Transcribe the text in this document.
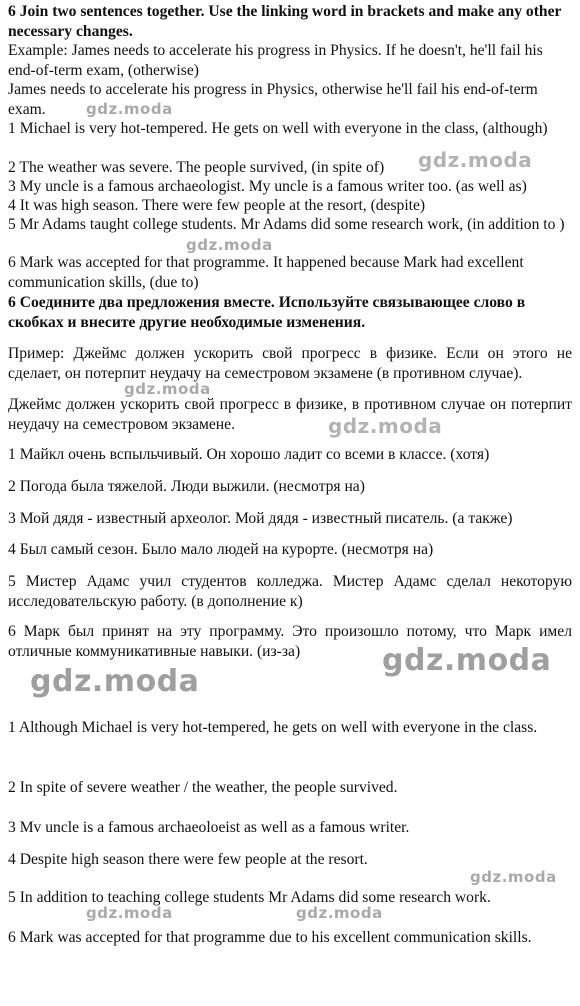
6 Join two sentences together. Use the linking word in brackets and make any other necessary changes.

Example: James needs to accelerate his progress in Physics. If he doesn't, he'll fail his end-of-term exam, (otherwise)

James needs to accelerate his progress in Physics, otherwise he'll fail his end-of-term exam.

1 Michael is very hot-tempered. He gets on well with everyone in the class, (although)

2 The weather was severe. The people survived, (in spite of)

3 My uncle is a famous archaeologist. My uncle is a famous writer too. (as well as)

4 It was high season. There were few people at the resort, (despite)

5 Mr Adams taught college students. Mr Adams did some research work, (in addition to )

6 Mark was accepted for that programme. It happened because Mark had excellent communication skills, (due to)

6 Соедините два предложения вместе. Используйте связывающее слово в скобках и внесите другие необходимые изменения.

Пример: Джеймс должен ускорить свой прогресс в физике. Если он этого не сделает, он потерпит неудачу на семестровом экзамене (в противном случае).

Джеймс должен ускорить свой прогресс в физике, в противном случае он потерпит неудачу на семестровом экзамене.

1 Майкл очень вспыльчивый. Он хорошо ладит со всеми в классе. (хотя)

2 Погода была тяжелой. Люди выжили. (несмотря на)

3 Мой дядя - известный археолог. Мой дядя - известный писатель. (а также)

4 Был самый сезон. Было мало людей на курорте. (несмотря на)

5 Мистер Адамс учил студентов колледжа. Мистер Адамс сделал некоторую исследовательскую работу. (в дополнение к)

6 Марк был принят на эту программу. Это произошло потому, что Марк имел отличные коммуникативные навыки. (из-за)

1 Although Michael is very hot-tempered, he gets on well with everyone in the class.

2 In spite of severe weather / the weather, the people survived.

3 Mv uncle is a famous archaeoloeist as well as a famous writer.

4 Despite high season there were few people at the resort.

5 In addition to teaching college students Mr Adams did some research work.

6 Mark was accepted for that programme due to his excellent communication skills.

gdz.moda
gdz.moda
gdz.moda
gdz.moda
gdz.moda
gdz.moda
gdz.moda
gdz.moda
gdz.moda	gdz.moda
